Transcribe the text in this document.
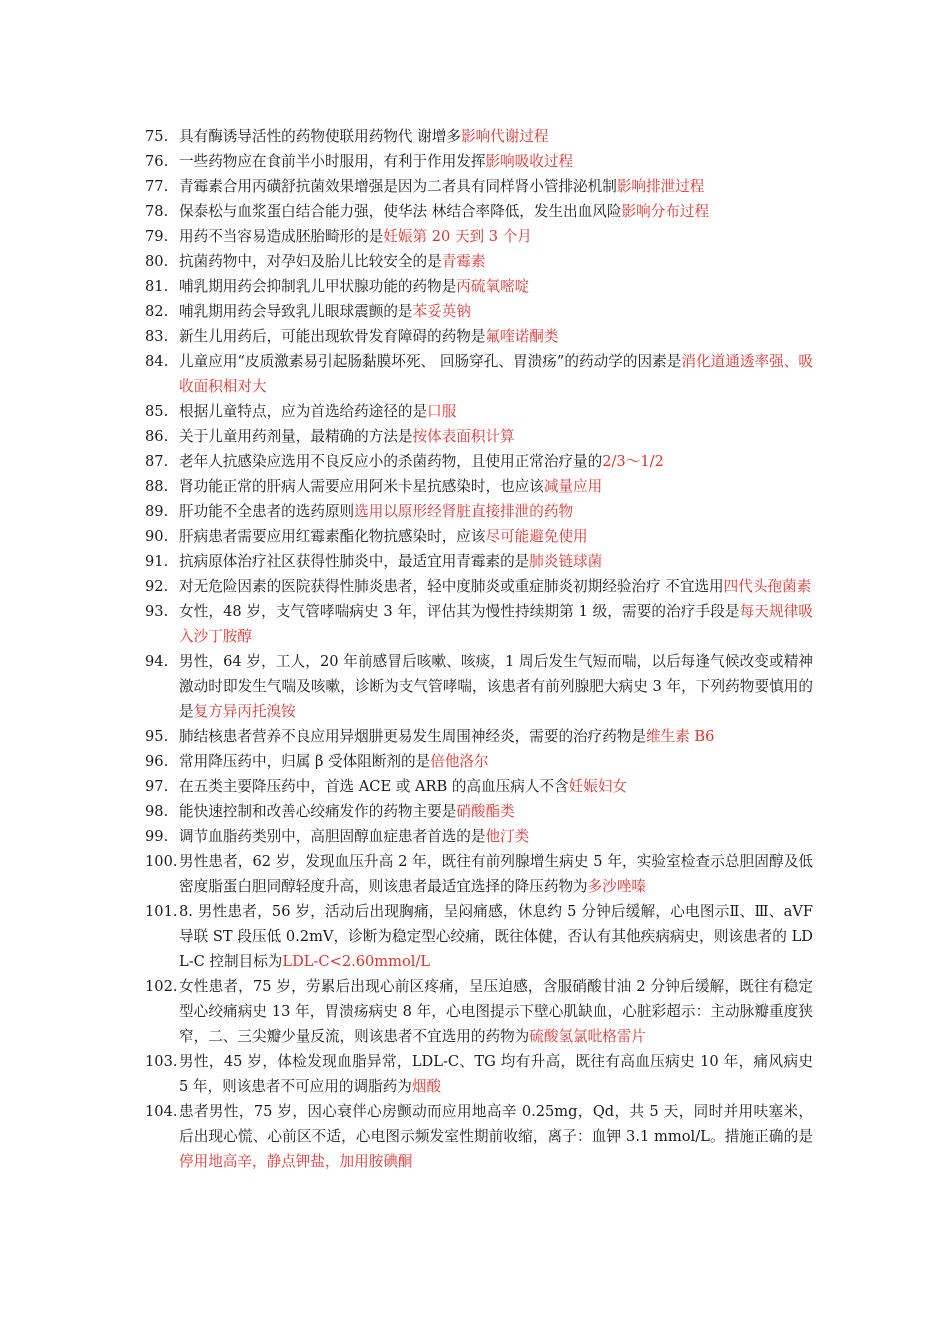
75. 具有酶诱导活性的药物使联用药物代 谢增多影响代谢过程
76. 一些药物应在食前半小时服用，有利于作用发挥影响吸收过程
77. 青霉素合用丙磺舒抗菌效果增强是因为二者具有同样肾小管排泌机制影响排泄过程
78. 保泰松与血浆蛋白结合能力强，使华法 林结合率降低，发生出血风险影响分布过程
79. 用药不当容易造成胚胎畸形的是妊娠第 20 天到 3 个月
80. 抗菌药物中，对孕妇及胎儿比较安全的是青霉素
81. 哺乳期用药会抑制乳儿甲状腺功能的药物是丙硫氧嘧啶
82. 哺乳期用药会导致乳儿眼球震颤的是苯妥英钠
83. 新生儿用药后，可能出现软骨发育障碍的药物是氟喹诺酮类
84. 儿童应用“皮质激素易引起肠黏膜坏死、 回肠穿孔、胃溃疡”的药动学的因素是消化道通透率强、吸收面积相对大
85. 根据儿童特点，应为首选给药途径的是口服
86. 关于儿童用药剂量，最精确的方法是按体表面积计算
87. 老年人抗感染应选用不良反应小的杀菌药物，且使用正常治疗量的2/3～1/2
88. 肾功能正常的肝病人需要应用阿米卡星抗感染时，也应该减量应用
89. 肝功能不全患者的选药原则选用以原形经肾脏直接排泄的药物
90. 肝病患者需要应用红霉素酯化物抗感染时，应该尽可能避免使用
91. 抗病原体治疗社区获得性肺炎中，最适宜用青霉素的是肺炎链球菌
92. 对无危险因素的医院获得性肺炎患者，轻中度肺炎或重症肺炎初期经验治疗 不宜选用四代头孢菌素
93. 女性，48 岁，支气管哮喘病史 3 年，评估其为慢性持续期第 1 级，需要的治疗手段是每天规律吸入沙丁胺醇
94. 男性，64 岁，工人，20 年前感冒后咳嗽、咳痰，1 周后发生气短而喘，以后每逢气候改变或精神激动时即发生气喘及咳嗽，诊断为支气管哮喘，该患者有前列腺肥大病史 3 年，下列药物要慎用的是复方异丙托溴铵
95. 肺结核患者营养不良应用异烟肼更易发生周围神经炎，需要的治疗药物是维生素 B6
96. 常用降压药中，归属 β 受体阻断剂的是倍他洛尔
97. 在五类主要降压药中，首选 ACE 或 ARB 的高血压病人不含妊娠妇女
98. 能快速控制和改善心绞痛发作的药物主要是硝酸酯类
99. 调节血脂药类别中，高胆固醇血症患者首选的是他汀类
100. 男性患者，62 岁，发现血压升高 2 年，既往有前列腺增生病史 5 年，实验室检查示总胆固醇及低密度脂蛋白胆同醇轻度升高，则该患者最适宜选择的降压药物为多沙唑嗪
101. 8. 男性患者，56 岁，活动后出现胸痛，呈闷痛感，休息约 5 分钟后缓解，心电图示Ⅱ、Ⅲ、aVF 导联 ST 段压低 0.2mV，诊断为稳定型心绞痛，既往体健，否认有其他疾病病史，则该患者的 LDL-C 控制目标为LDL-C<2.60mmol/L
102. 女性患者，75 岁，劳累后出现心前区疼痛，呈压迫感，含服硝酸甘油 2 分钟后缓解，既往有稳定型心绞痛病史 13 年，胃溃疡病史 8 年，心电图提示下壁心肌缺血，心脏彩超示：主动脉瓣重度狭窄，二、三尖瓣少量反流，则该患者不宜选用的药物为硫酸氢氯吡格雷片
103. 男性，45 岁，体检发现血脂异常，LDL-C、TG 均有升高，既往有高血压病史 10 年，痛风病史 5 年，则该患者不可应用的调脂药为烟酸
104. 患者男性，75 岁，因心衰伴心房颤动而应用地高辛 0.25mg，Qd，共 5 天，同时并用呋塞米，后出现心慌、心前区不适，心电图示频发室性期前收缩，离子：血钾 3.1 mmol/L。措施正确的是停用地高辛，静点钾盐，加用胺碘酮
